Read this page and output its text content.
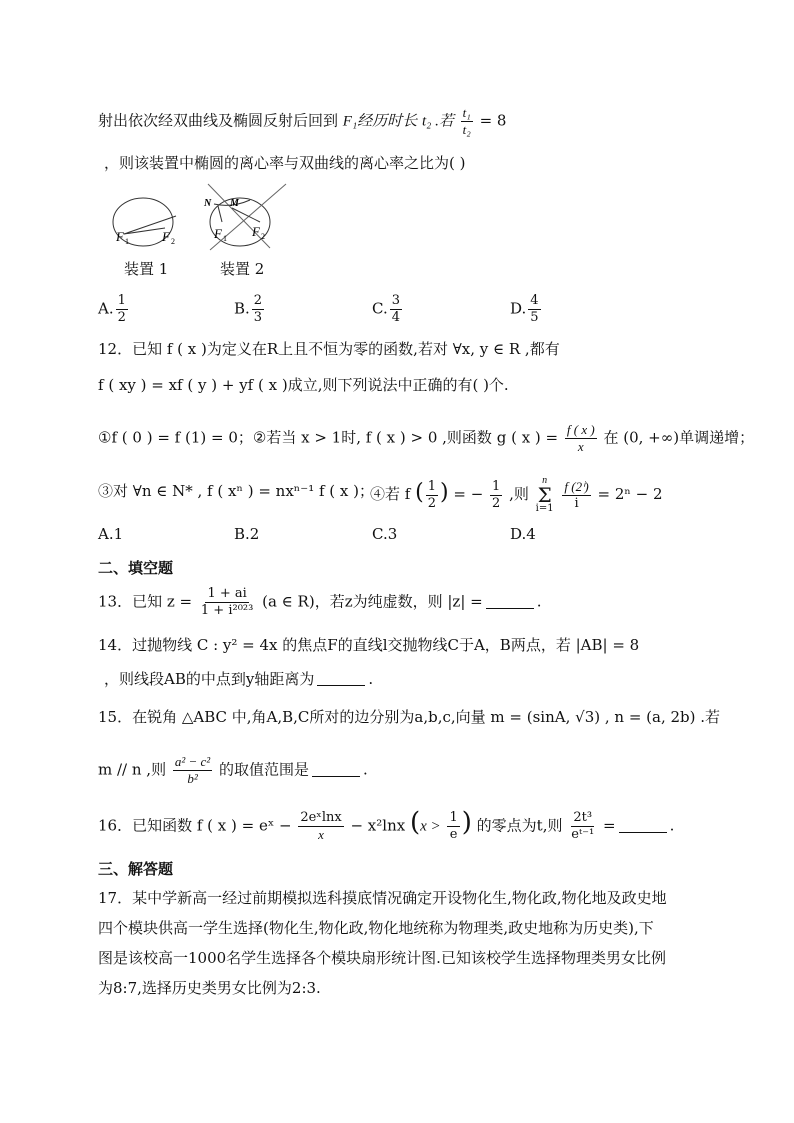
射出依次经双曲线及椭圆反射后回到 F₁经历时长 t₂ .若 $\frac{\text{t₁}}{\text{t₂}} = 8$
，则该装置中椭圆的离心率与双曲线的离心率之比为( )
F 1	F 2
N M
F 1 F 2
装置 1	装置 2
A. $\frac{1}{2}$	B. $\frac{2}{3}$	C. $\frac{3}{4}$	D. $\frac{4}{5}$
12．已知 f ( x )为定义在R上且不恒为零的函数,若对 ∀x, y ∈ R ,都有
f ( xy ) = xf ( y ) + yf ( x )成立,则下列说法中正确的有( )个.
①f ( 0 ) = f (1) = 0；②若当 x > 1时, f ( x ) > 0 ,则函数 g ( x ) = $\frac{f ( x )}{x}$ 在 (0, +∞)单调递增；
③对 ∀n ∈ N* , f ( xⁿ ) = nxⁿ⁻¹ f ( x )；
④若 f ( $\frac{1}{2}$ ) = − $\frac{1}{2}$ ,则
n
Σ
i=1
$\frac{\text{f (2ⁱ)}}{i} = 2^n - 2$
A.1	B.2	C.3	D.4
二、填空题
13．已知 $z = \frac{1 + ai}{\text{1 + i²⁰²³}} (a$ ∈ R)，若z为纯虚数，则 |z| =	.
14．过抛物线 C : y² = 4x 的焦点F的直线l交抛物线C于A，B两点，若 |AB| = 8
，则线段AB的中点到y轴距离为	.
15．在锐角 △ABC 中,角A,B,C所对的边分别为a,b,c,向量 m = (sinA, √3) , n = (a, 2b) .若
m // n ,则 $\frac{\text{a² − c²}}{\text{b²}}$ 的取值范围是	.
16．已知函数 f ( x ) = eˣ − $\frac{\text{2eˣlnx}}{x} - x^2\ln x$ ($x > \frac{1}{e}$ ) 的零点为t,则 $\frac{\text{2t³}}{\text{eᵗ⁻¹}}$ =	.
三、解答题
17．某中学新高一经过前期模拟选科摸底情况确定开设物化生,物化政,物化地及政史地
四个模块供高一学生选择(物化生,物化政,物化地统称为物理类,政史地称为历史类),下
图是该校高一1000名学生选择各个模块扇形统计图.已知该校学生选择物理类男女比例
为8:7,选择历史类男女比例为2:3.
